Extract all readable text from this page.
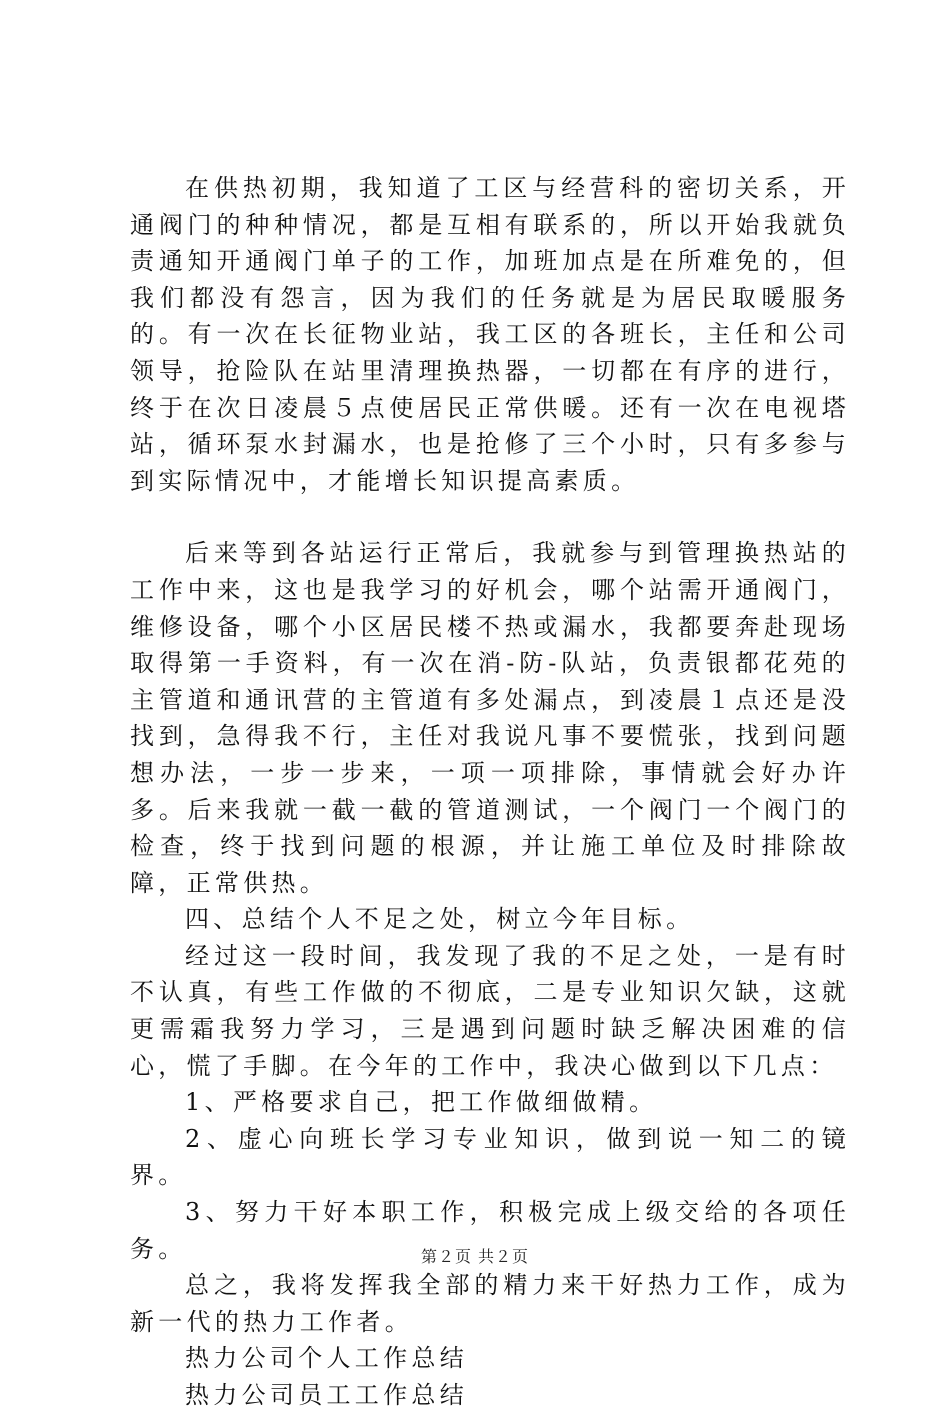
在供热初期，我知道了工区与经营科的密切关系，开通阀门的种种情况，都是互相有联系的，所以开始我就负责通知开通阀门单子的工作，加班加点是在所难免的，但我们都没有怨言，因为我们的任务就是为居民取暖服务的。有一次在长征物业站，我工区的各班长，主任和公司领导，抢险队在站里清理换热器，一切都在有序的进行，终于在次日凌晨５点使居民正常供暖。还有一次在电视塔站，循环泵水封漏水，也是抢修了三个小时，只有多参与到实际情况中，才能增长知识提高素质。

后来等到各站运行正常后，我就参与到管理换热站的工作中来，这也是我学习的好机会，哪个站需开通阀门，维修设备，哪个小区居民楼不热或漏水，我都要奔赴现场取得第一手资料，有一次在消-防-队站，负责银都花苑的主管道和通讯营的主管道有多处漏点，到凌晨１点还是没找到，急得我不行，主任对我说凡事不要慌张，找到问题想办法，一步一步来，一项一项排除，事情就会好办许多。后来我就一截一截的管道测试，一个阀门一个阀门的检查，终于找到问题的根源，并让施工单位及时排除故障，正常供热。

四、总结个人不足之处，树立今年目标。

经过这一段时间，我发现了我的不足之处，一是有时不认真，有些工作做的不彻底，二是专业知识欠缺，这就更需霜我努力学习，三是遇到问题时缺乏解决困难的信心，慌了手脚。在今年的工作中，我决心做到以下几点：

1、严格要求自己，把工作做细做精。

2、虚心向班长学习专业知识，做到说一知二的镜界。

3、努力干好本职工作，积极完成上级交给的各项任务。

总之，我将发挥我全部的精力来干好热力工作，成为新一代的热力工作者。

热力公司个人工作总结

热力公司员工工作总结

第２页 共２页
